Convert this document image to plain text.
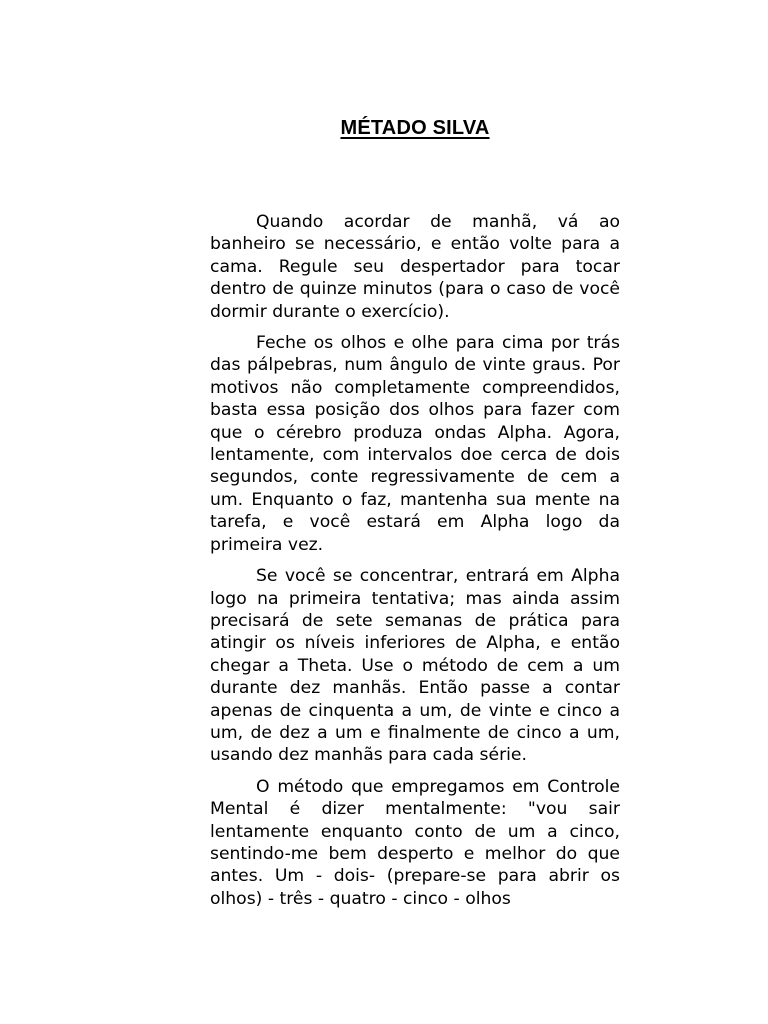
MÉTADO SILVA

Quando acordar de manhã, vá ao banheiro se necessário, e então volte para a cama. Regule seu despertador para tocar dentro de quinze minutos (para o caso de você dormir durante o exercício).

Feche os olhos e olhe para cima por trás das pálpebras, num ângulo de vinte graus. Por motivos não completamente compreendidos, basta essa posição dos olhos para fazer com que o cérebro produza ondas Alpha. Agora, lentamente, com intervalos doe cerca de dois segundos, conte regressivamente de cem a um. Enquanto o faz, mantenha sua mente na tarefa, e você estará em Alpha logo da primeira vez.

Se você se concentrar, entrará em Alpha logo na primeira tentativa; mas ainda assim precisará de sete semanas de prática para atingir os níveis inferiores de Alpha, e então chegar a Theta. Use o método de cem a um durante dez manhãs. Então passe a contar apenas de cinquenta a um, de vinte e cinco a um, de dez a um e finalmente de cinco a um, usando dez manhãs para cada série.

O método que empregamos em Controle Mental é dizer mentalmente: "vou sair lentamente enquanto conto de um a cinco, sentindo-me bem desperto e melhor do que antes. Um - dois- (prepare-se para abrir os olhos) - três - quatro - cinco - olhos
